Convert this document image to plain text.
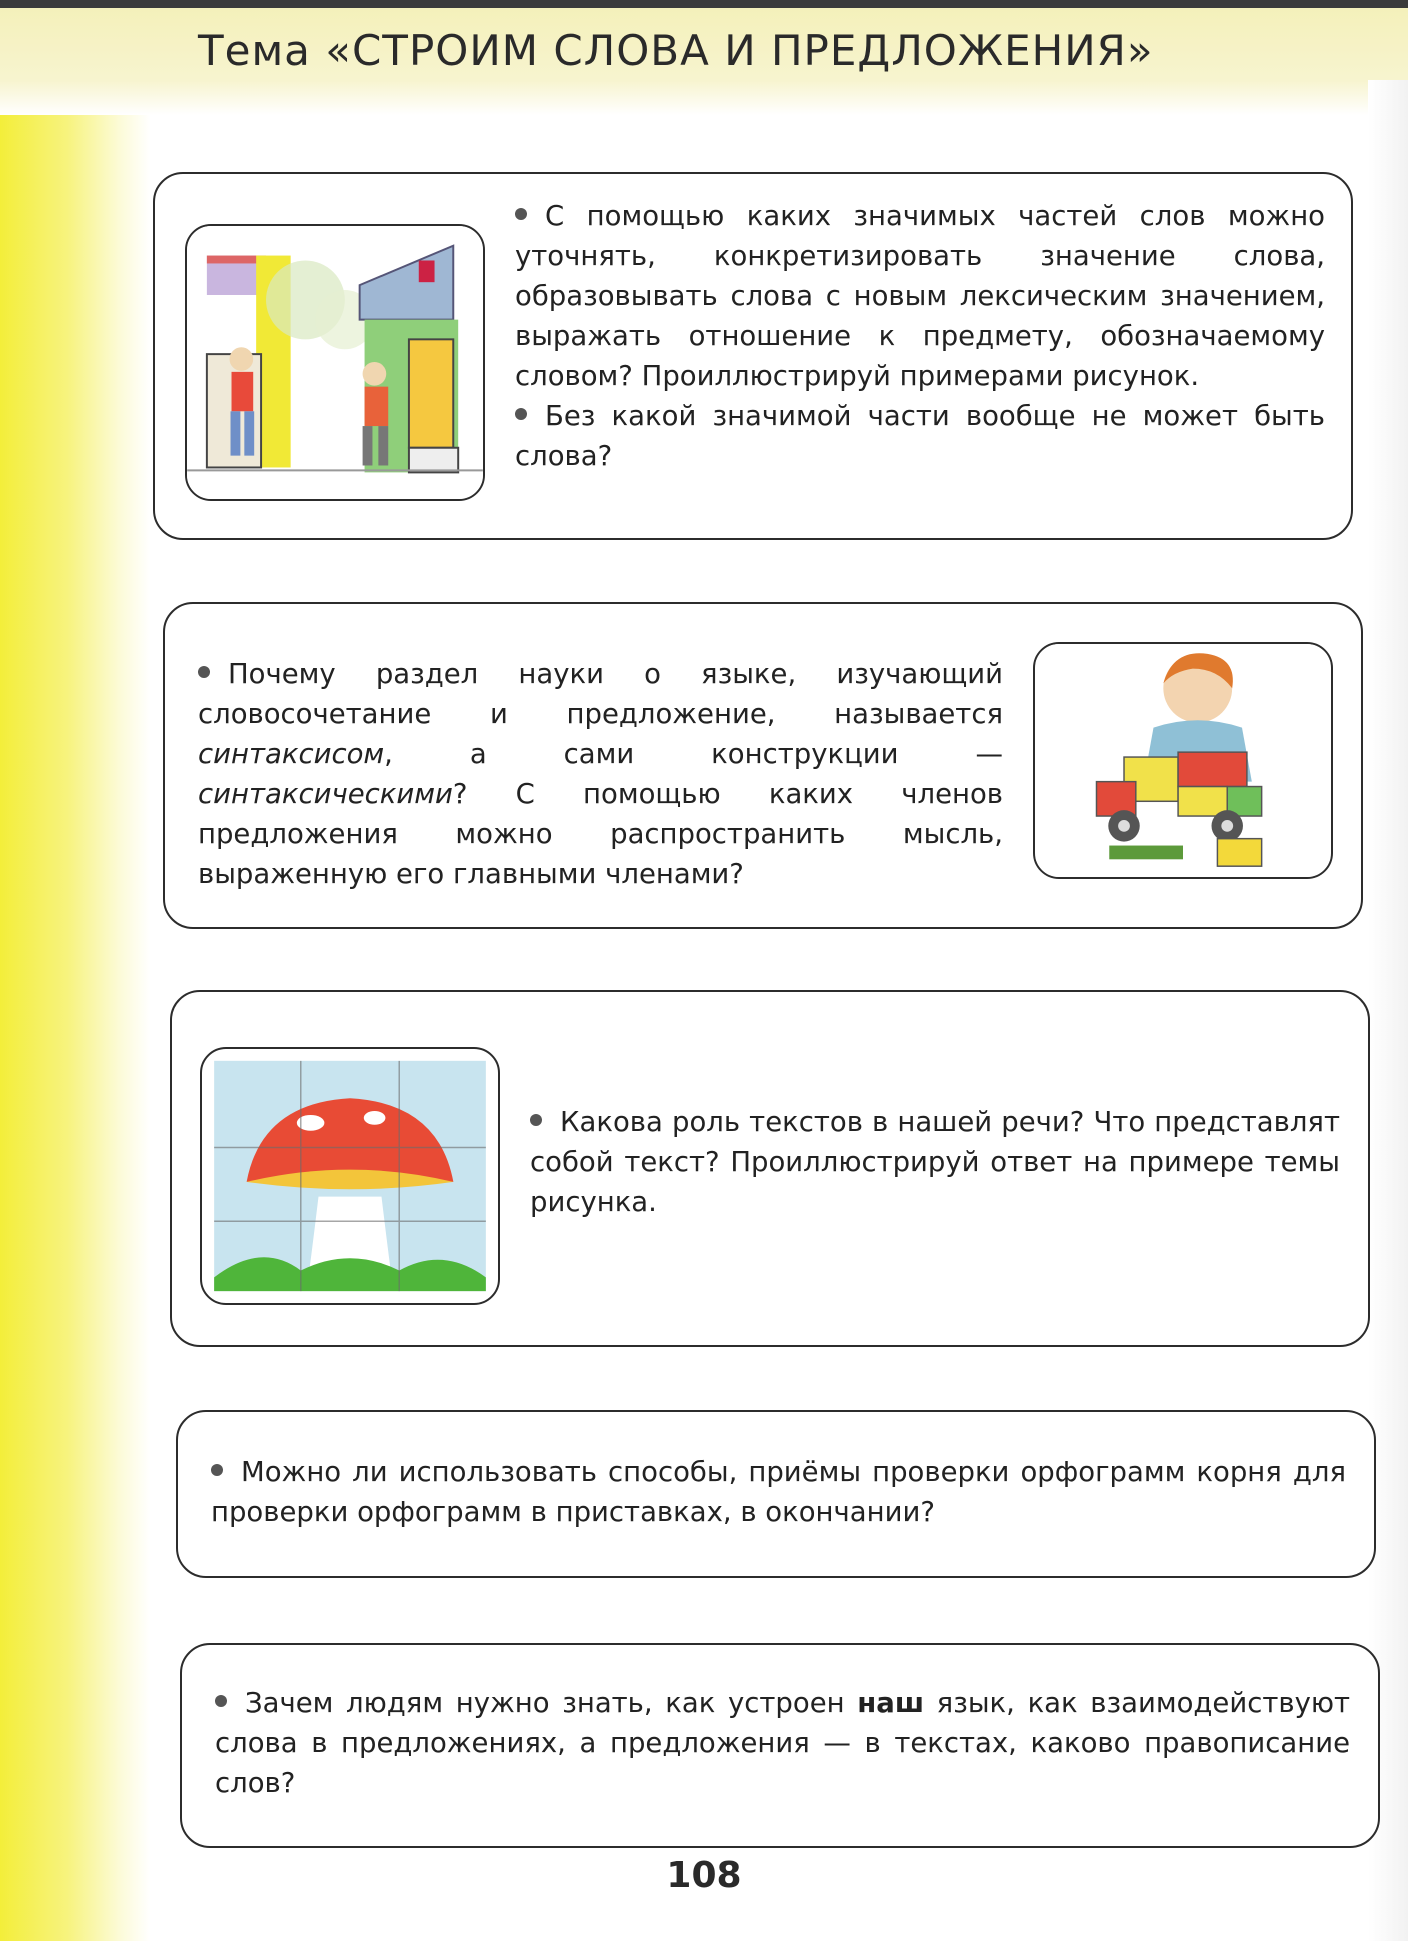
Тема «СТРОИМ СЛОВА И ПРЕДЛОЖЕНИЯ»

С помощью каких значимых частей слов можно уточнять, конкретизировать значение слова, образовывать слова с новым лексическим значением, выражать отношение к предмету, обозначаемому словом? Проиллюстрируй примерами рисунок.

Без какой значимой части вообще не может быть слова?

Почему раздел науки о языке, изучающий словосочетание и предложение, называется синтаксисом, а сами конструкции — синтаксическими? С помощью каких членов предложения можно распространить мысль, выраженную его главными членами?

Какова роль текстов в нашей речи? Что представлят собой текст? Проиллюстрируй ответ на примере темы рисунка.

Можно ли использовать способы, приёмы проверки орфограмм корня для проверки орфограмм в приставках, в окончании?

Зачем людям нужно знать, как устроен наш язык, как взаимодействуют слова в предложениях, а предложения — в текстах, каково правописание слов?

108
